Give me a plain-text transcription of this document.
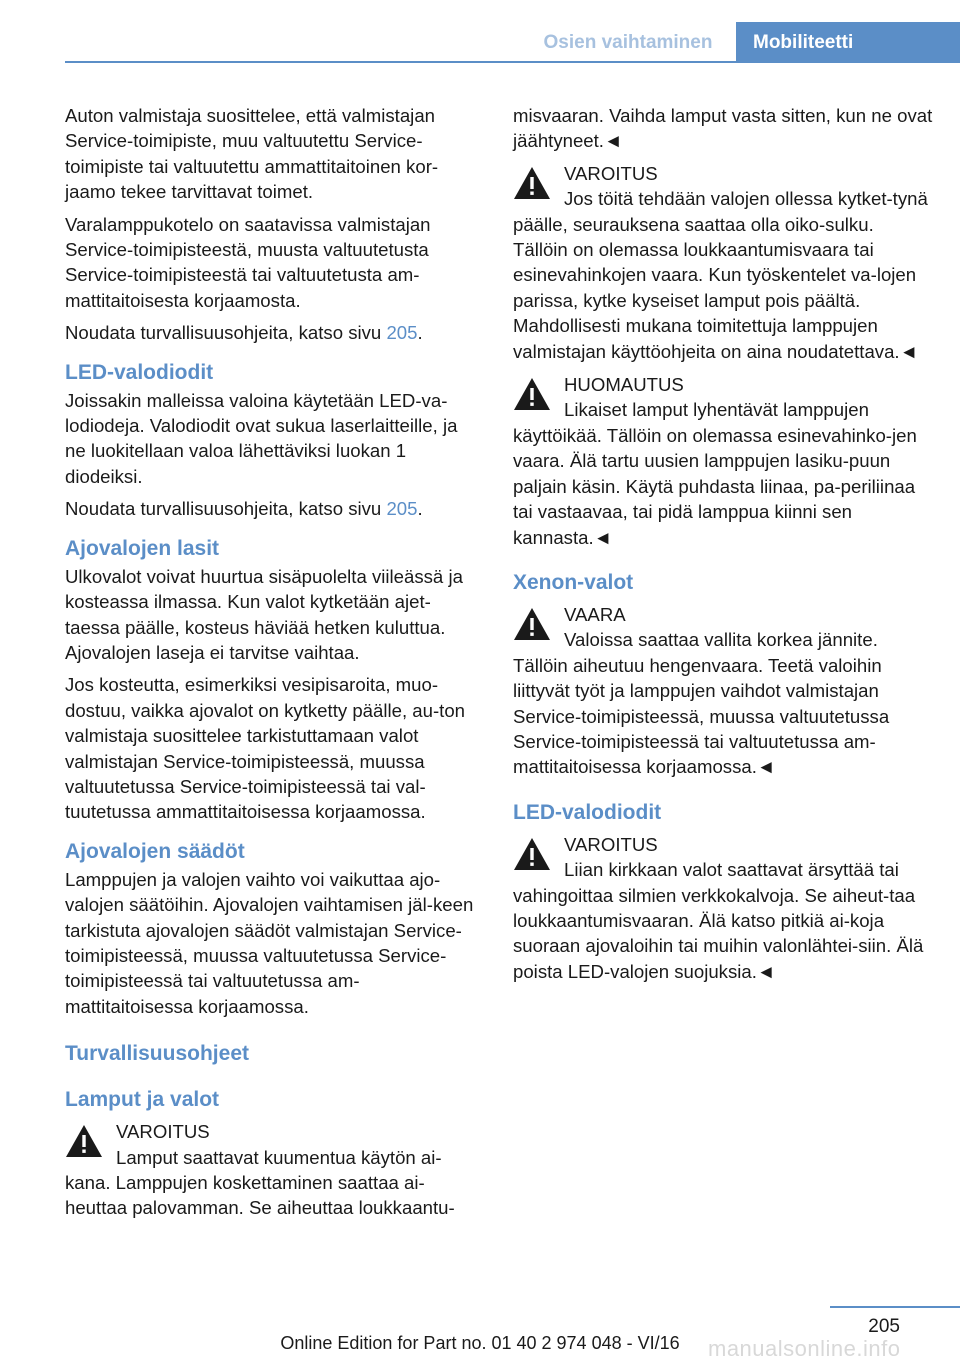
Osien vaihtaminen	Mobiliteetti

Auton valmistaja suosittelee, että valmistajan Service-toimipiste, muu valtuutettu Service-toimipiste tai valtuutettu ammattitaitoinen kor‐jaamo tekee tarvittavat toimet.

Varalamppukotelo on saatavissa valmistajan Service-toimipisteestä, muusta valtuutetusta Service-toimipisteestä tai valtuutetusta am‐mattitaitoisesta korjaamosta.

Noudata turvallisuusohjeita, katso sivu 205.

LED-valodiodit

Joissakin malleissa valoina käytetään LED-va‐lodiodeja. Valodiodit ovat sukua laserlaitteille, ja ne luokitellaan valoa lähettäviksi luokan 1 diodeiksi.

Noudata turvallisuusohjeita, katso sivu 205.

Ajovalojen lasit

Ulkovalot voivat huurtua sisäpuolelta viileässä ja kosteassa ilmassa. Kun valot kytketään ajet‐taessa päälle, kosteus häviää hetken kuluttua. Ajovalojen laseja ei tarvitse vaihtaa.

Jos kosteutta, esimerkiksi vesipisaroita, muo‐dostuu, vaikka ajovalot on kytketty päälle, au‐ton valmistaja suosittelee tarkistuttamaan valot valmistajan Service-toimipisteessä, muussa valtuutetussa Service-toimipisteessä tai val‐tuutetussa ammattitaitoisessa korjaamossa.

Ajovalojen säädöt

Lamppujen ja valojen vaihto voi vaikuttaa ajo‐valojen säätöihin. Ajovalojen vaihtamisen jäl‐keen tarkistuta ajovalojen säädöt valmistajan Service-toimipisteessä, muussa valtuutetussa Service-toimipisteessä tai valtuutetussa am‐mattitaitoisessa korjaamossa.

Turvallisuusohjeet
Lamput ja valot
VAROITUS
Lamput saattavat kuumentua käytön ai‐kana. Lamppujen koskettaminen saattaa ai‐heuttaa palovamman. Se aiheuttaa loukkaantu‐

misvaaran. Vaihda lamput vasta sitten, kun ne ovat jäähtyneet.◄

VAROITUS
Jos töitä tehdään valojen ollessa kytket‐tynä päälle, seurauksena saattaa olla oiko‐sulku. Tällöin on olemassa loukkaantumisvaara tai esinevahinkojen vaara. Kun työskentelet va‐lojen parissa, kytke kyseiset lamput pois päältä. Mahdollisesti mukana toimitettuja lamppujen valmistajan käyttöohjeita on aina noudatettava.◄
HUOMAUTUS
Likaiset lamput lyhentävät lamppujen käyttöikää. Tällöin on olemassa esinevahinko‐jen vaara. Älä tartu uusien lamppujen lasiku‐puun paljain käsin. Käytä puhdasta liinaa, pa‐periliinaa tai vastaavaa, tai pidä lamppua kiinni sen kannasta.◄
Xenon-valot
VAARA
Valoissa saattaa vallita korkea jännite. Tällöin aiheutuu hengenvaara. Teetä valoihin liittyvät työt ja lamppujen vaihdot valmistajan Service-toimipisteessä, muussa valtuutetussa Service-toimipisteessä tai valtuutetussa am‐mattitaitoisessa korjaamossa.◄
LED-valodiodit
VAROITUS
Liian kirkkaan valot saattavat ärsyttää tai vahingoittaa silmien verkkokalvoja. Se aiheut‐taa loukkaantumisvaaran. Älä katso pitkiä ai‐koja suoraan ajovaloihin tai muihin valonlähtei‐siin. Älä poista LED-valojen suojuksia.◄
205
Online Edition for Part no. 01 40 2 974 048 - VI/16	manualsonline.info
